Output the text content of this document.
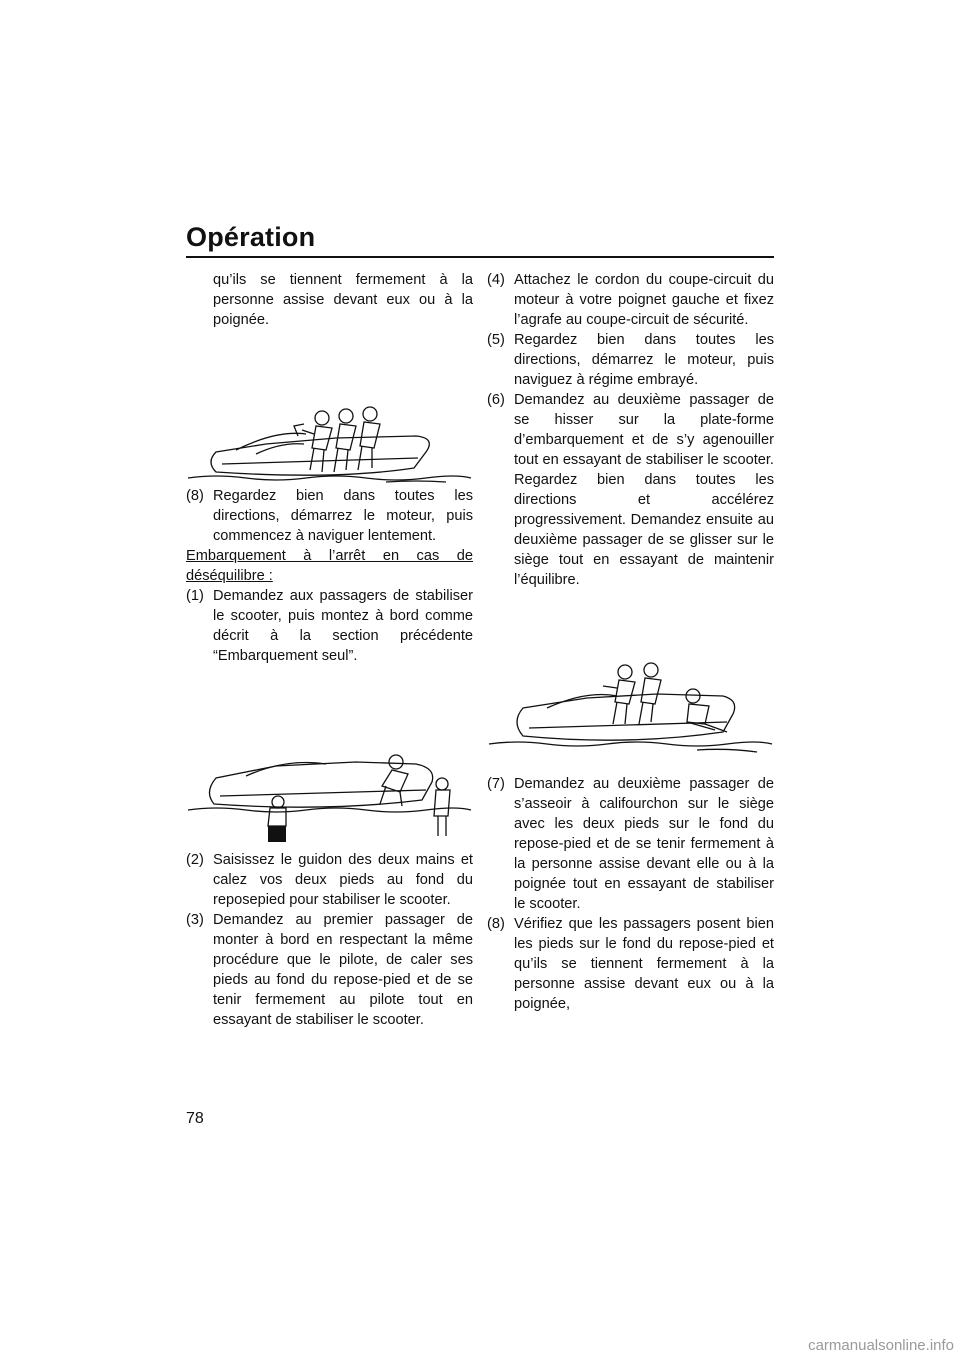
Opération

qu’ils se tiennent fermement à la personne assise devant eux ou à la poignée.

(8) Regardez bien dans toutes les directions, démarrez le moteur, puis commencez à naviguer lentement.

Embarquement à l’arrêt en cas de déséquilibre :

(1) Demandez aux passagers de stabiliser le scooter, puis montez à bord comme décrit à la section précédente “Embarquement seul”.
(2) Saisissez le guidon des deux mains et calez vos deux pieds au fond du reposepied pour stabiliser le scooter.
(3) Demandez au premier passager de monter à bord en respectant la même procédure que le pilote, de caler ses pieds au fond du repose-pied et de se tenir fermement au pilote tout en essayant de stabiliser le scooter.
(4) Attachez le cordon du coupe-circuit du moteur à votre poignet gauche et fixez l’agrafe au coupe-circuit de sécurité.
(5) Regardez bien dans toutes les directions, démarrez le moteur, puis naviguez à régime embrayé.
(6) Demandez au deuxième passager de se hisser sur la plate-forme d’embarquement et de s’y agenouiller tout en essayant de stabiliser le scooter. Regardez bien dans toutes les directions et accélérez progressivement. Demandez ensuite au deuxième passager de se glisser sur le siège tout en essayant de maintenir l’équilibre.
(7) Demandez au deuxième passager de s’asseoir à califourchon sur le siège avec les deux pieds sur le fond du repose-pied et de se tenir fermement à la personne assise devant elle ou à la poignée tout en essayant de stabiliser le scooter.
(8) Vérifiez que les passagers posent bien les pieds sur le fond du repose-pied et qu’ils se tiennent fermement à la personne assise devant eux ou à la poignée,
78
carmanualsonline.info
